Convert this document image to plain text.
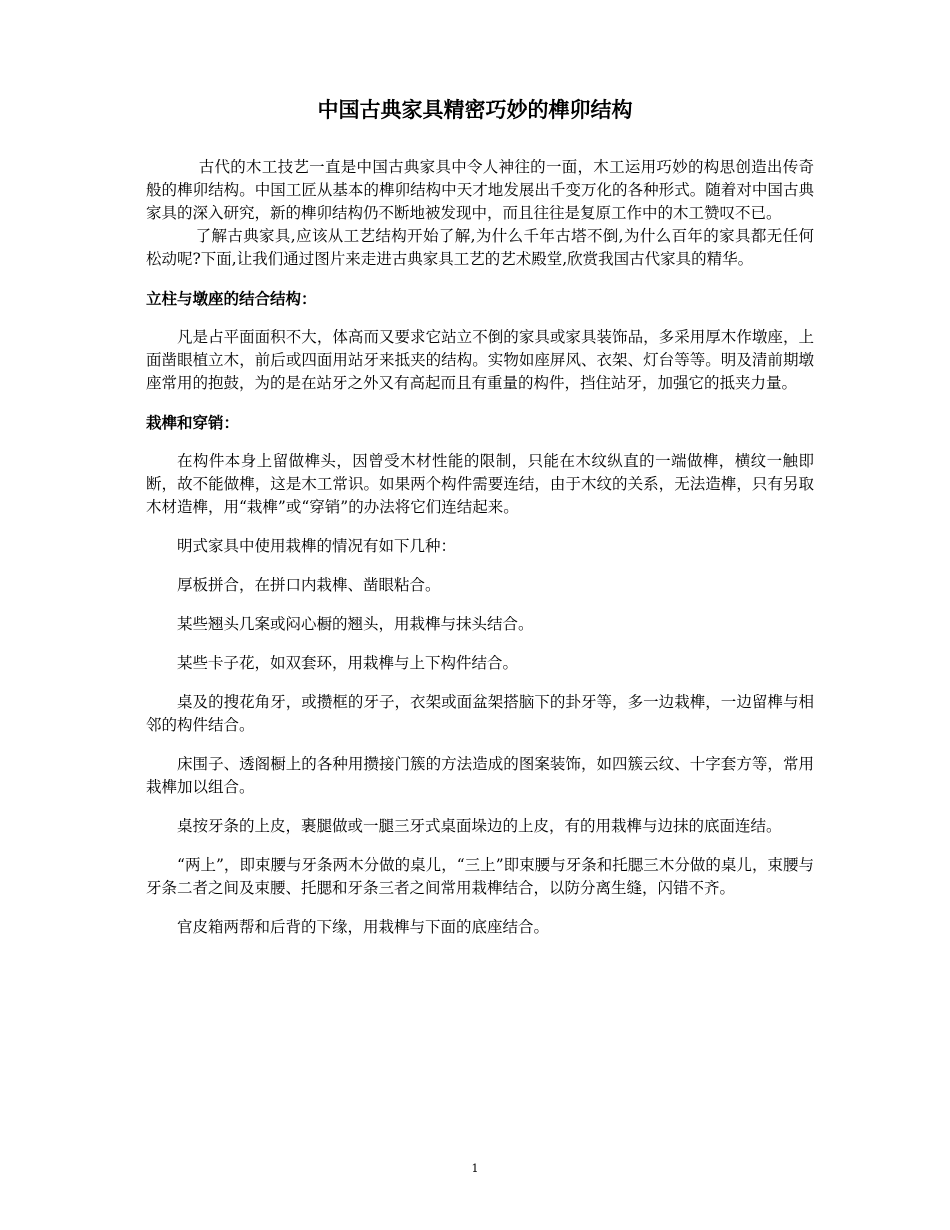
中国古典家具精密巧妙的榫卯结构

古代的木工技艺一直是中国古典家具中令人神往的一面，木工运用巧妙的构思创造出传奇般的榫卯结构。中国工匠从基本的榫卯结构中天才地发展出千变万化的各种形式。随着对中国古典家具的深入研究，新的榫卯结构仍不断地被发现中，而且往往是复原工作中的木工赞叹不已。

了解古典家具,应该从工艺结构开始了解,为什么千年古塔不倒,为什么百年的家具都无任何松动呢?下面,让我们通过图片来走进古典家具工艺的艺术殿堂,欣赏我国古代家具的精华。

立柱与墩座的结合结构：

凡是占平面面积不大，体高而又要求它站立不倒的家具或家具装饰品，多采用厚木作墩座，上面凿眼植立木，前后或四面用站牙来抵夹的结构。实物如座屏风、衣架、灯台等等。明及清前期墩座常用的抱鼓，为的是在站牙之外又有高起而且有重量的构件，挡住站牙，加强它的抵夹力量。

栽榫和穿销：

在构件本身上留做榫头，因曾受木材性能的限制，只能在木纹纵直的一端做榫，横纹一触即断，故不能做榫，这是木工常识。如果两个构件需要连结，由于木纹的关系，无法造榫，只有另取木材造榫，用“栽榫”或“穿销”的办法将它们连结起来。

明式家具中使用栽榫的情况有如下几种：

厚板拼合，在拼口内栽榫、凿眼粘合。

某些翘头几案或闷心橱的翘头，用栽榫与抹头结合。

某些卡子花，如双套环，用栽榫与上下构件结合。

桌及的搜花角牙，或攒框的牙子，衣架或面盆架搭脑下的卦牙等，多一边栽榫，一边留榫与相邻的构件结合。

床围子、透阁橱上的各种用攒接门簇的方法造成的图案装饰，如四簇云纹、十字套方等，常用栽榫加以组合。

桌按牙条的上皮，裹腿做或一腿三牙式桌面垛边的上皮，有的用栽榫与边抹的底面连结。

“两上”，即束腰与牙条两木分做的桌儿，“三上”即束腰与牙条和托腮三木分做的桌儿，束腰与牙条二者之间及束腰、托腮和牙条三者之间常用栽榫结合，以防分离生缝，闪错不齐。

官皮箱两帮和后背的下缘，用栽榫与下面的底座结合。

1
